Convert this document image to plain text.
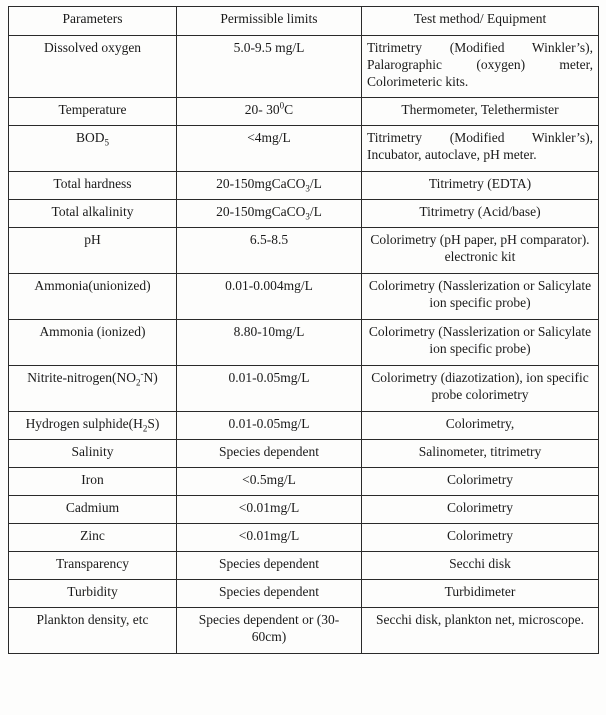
Parameters	Permissible limits	Test method/ Equipment
Dissolved oxygen	5.0-9.5 mg/L	Titrimetry (Modified Winkler’s), Palarographic (oxygen) meter, Colorimeteric kits.
Temperature	20- $30^0C$	Thermometer, Telethermister
$BOD_5$	<4mg/L	Titrimetry (Modified Winkler’s), Incubator, autoclave, pH meter.
Total hardness	20-150mgCaCO$_3$/L	Titrimetry (EDTA)
Total alkalinity	20-150mgCaCO$_3$/L	Titrimetry (Acid/base)
pH	6.5-8.5	Colorimetry (pH paper, pH comparator). electronic kit
Ammonia(unionized)	0.01-0.004mg/L	Colorimetry (Nasslerization or Salicylate ion specific probe)
Ammonia (ionized)	8.80-10mg/L	Colorimetry (Nasslerization or Salicylate ion specific probe)
Nitrite-$nitrogen(NO_2^-N)$	0.01-0.05mg/L	Colorimetry (diazotization), ion specific probe colorimetry
Hydrogen $sulphide(H_2S)$	0.01-0.05mg/L	Colorimetry,
Salinity	Species dependent	Salinometer, titrimetry
Iron	<0.5mg/L	Colorimetry
Cadmium	<0.01mg/L	Colorimetry
Zinc	<0.01mg/L	Colorimetry
Transparency	Species dependent	Secchi disk
Turbidity	Species dependent	Turbidimeter
Plankton density, etc	Species dependent or (30-60cm)	Secchi disk, plankton net, microscope.
